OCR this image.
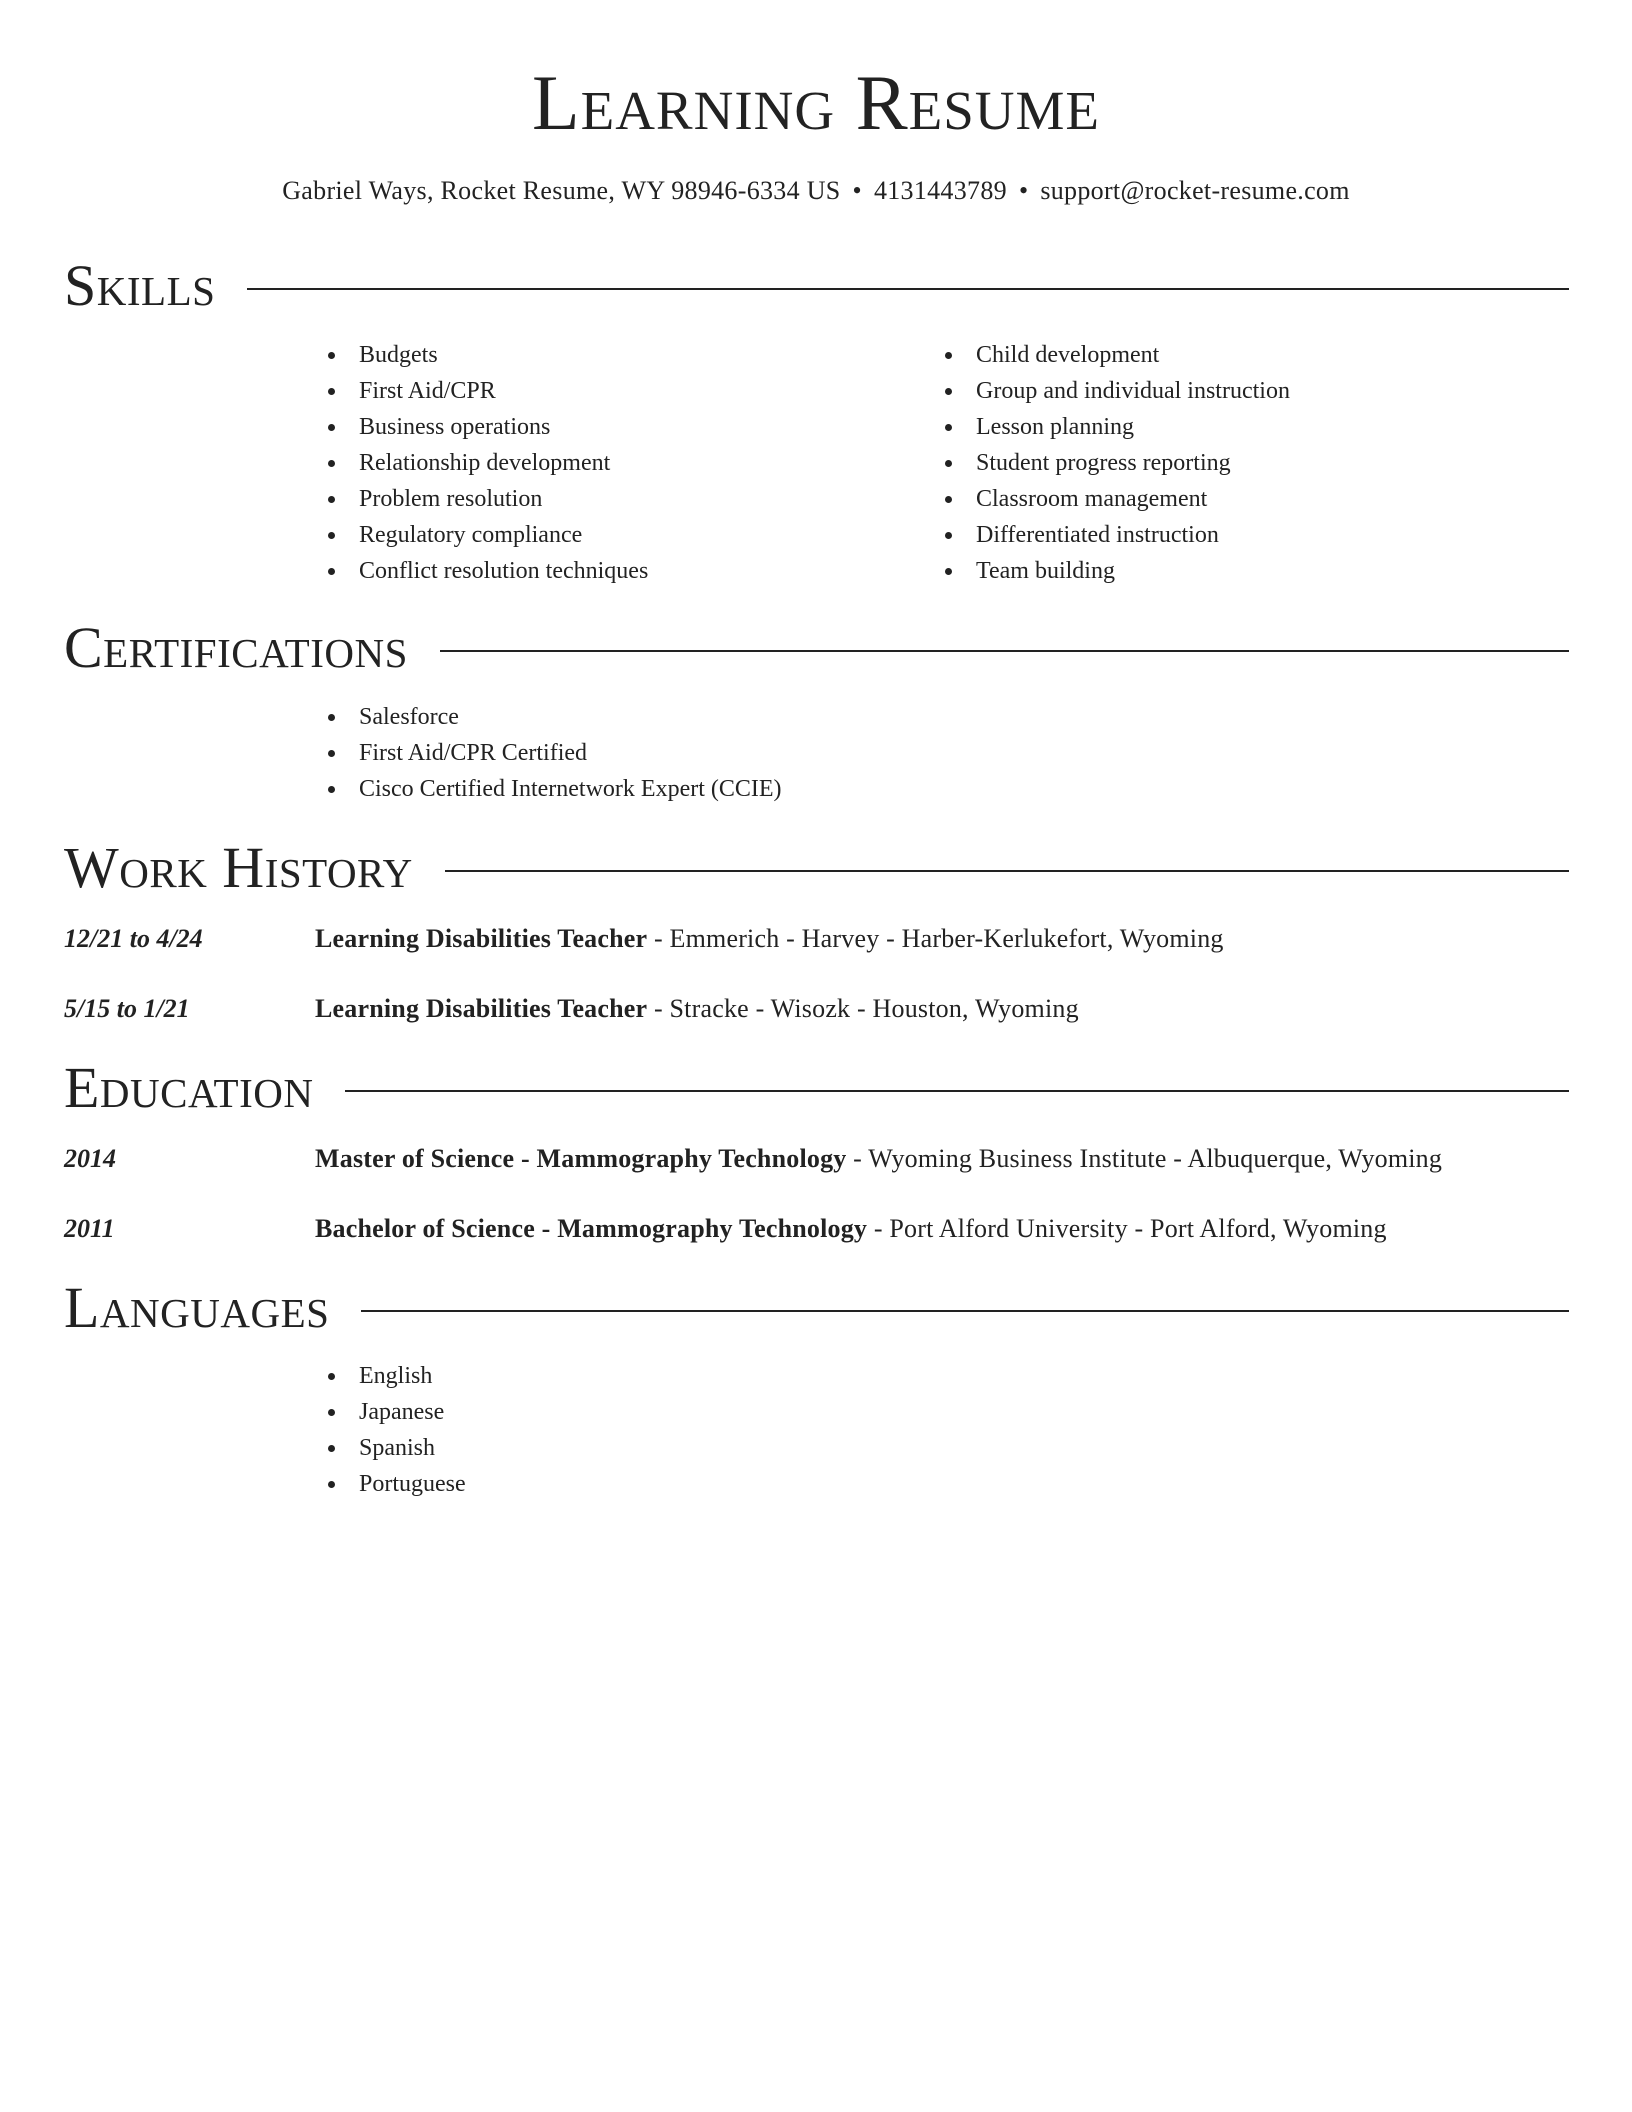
Learning Resume
Gabriel Ways, Rocket Resume, WY 98946-6334 US • 4131443789 • support@rocket-resume.com
Skills
Budgets
First Aid/CPR
Business operations
Relationship development
Problem resolution
Regulatory compliance
Conflict resolution techniques
Child development
Group and individual instruction
Lesson planning
Student progress reporting
Classroom management
Differentiated instruction
Team building
Certifications
Salesforce
First Aid/CPR Certified
Cisco Certified Internetwork Expert (CCIE)
Work History
12/21 to 4/24	Learning Disabilities Teacher - Emmerich - Harvey - Harber-Kerlukefort, Wyoming
5/15 to 1/21	Learning Disabilities Teacher - Stracke - Wisozk - Houston, Wyoming
Education
2014	Master of Science - Mammography Technology - Wyoming Business Institute - Albuquerque, Wyoming
2011	Bachelor of Science - Mammography Technology - Port Alford University - Port Alford, Wyoming
Languages
English
Japanese
Spanish
Portuguese
